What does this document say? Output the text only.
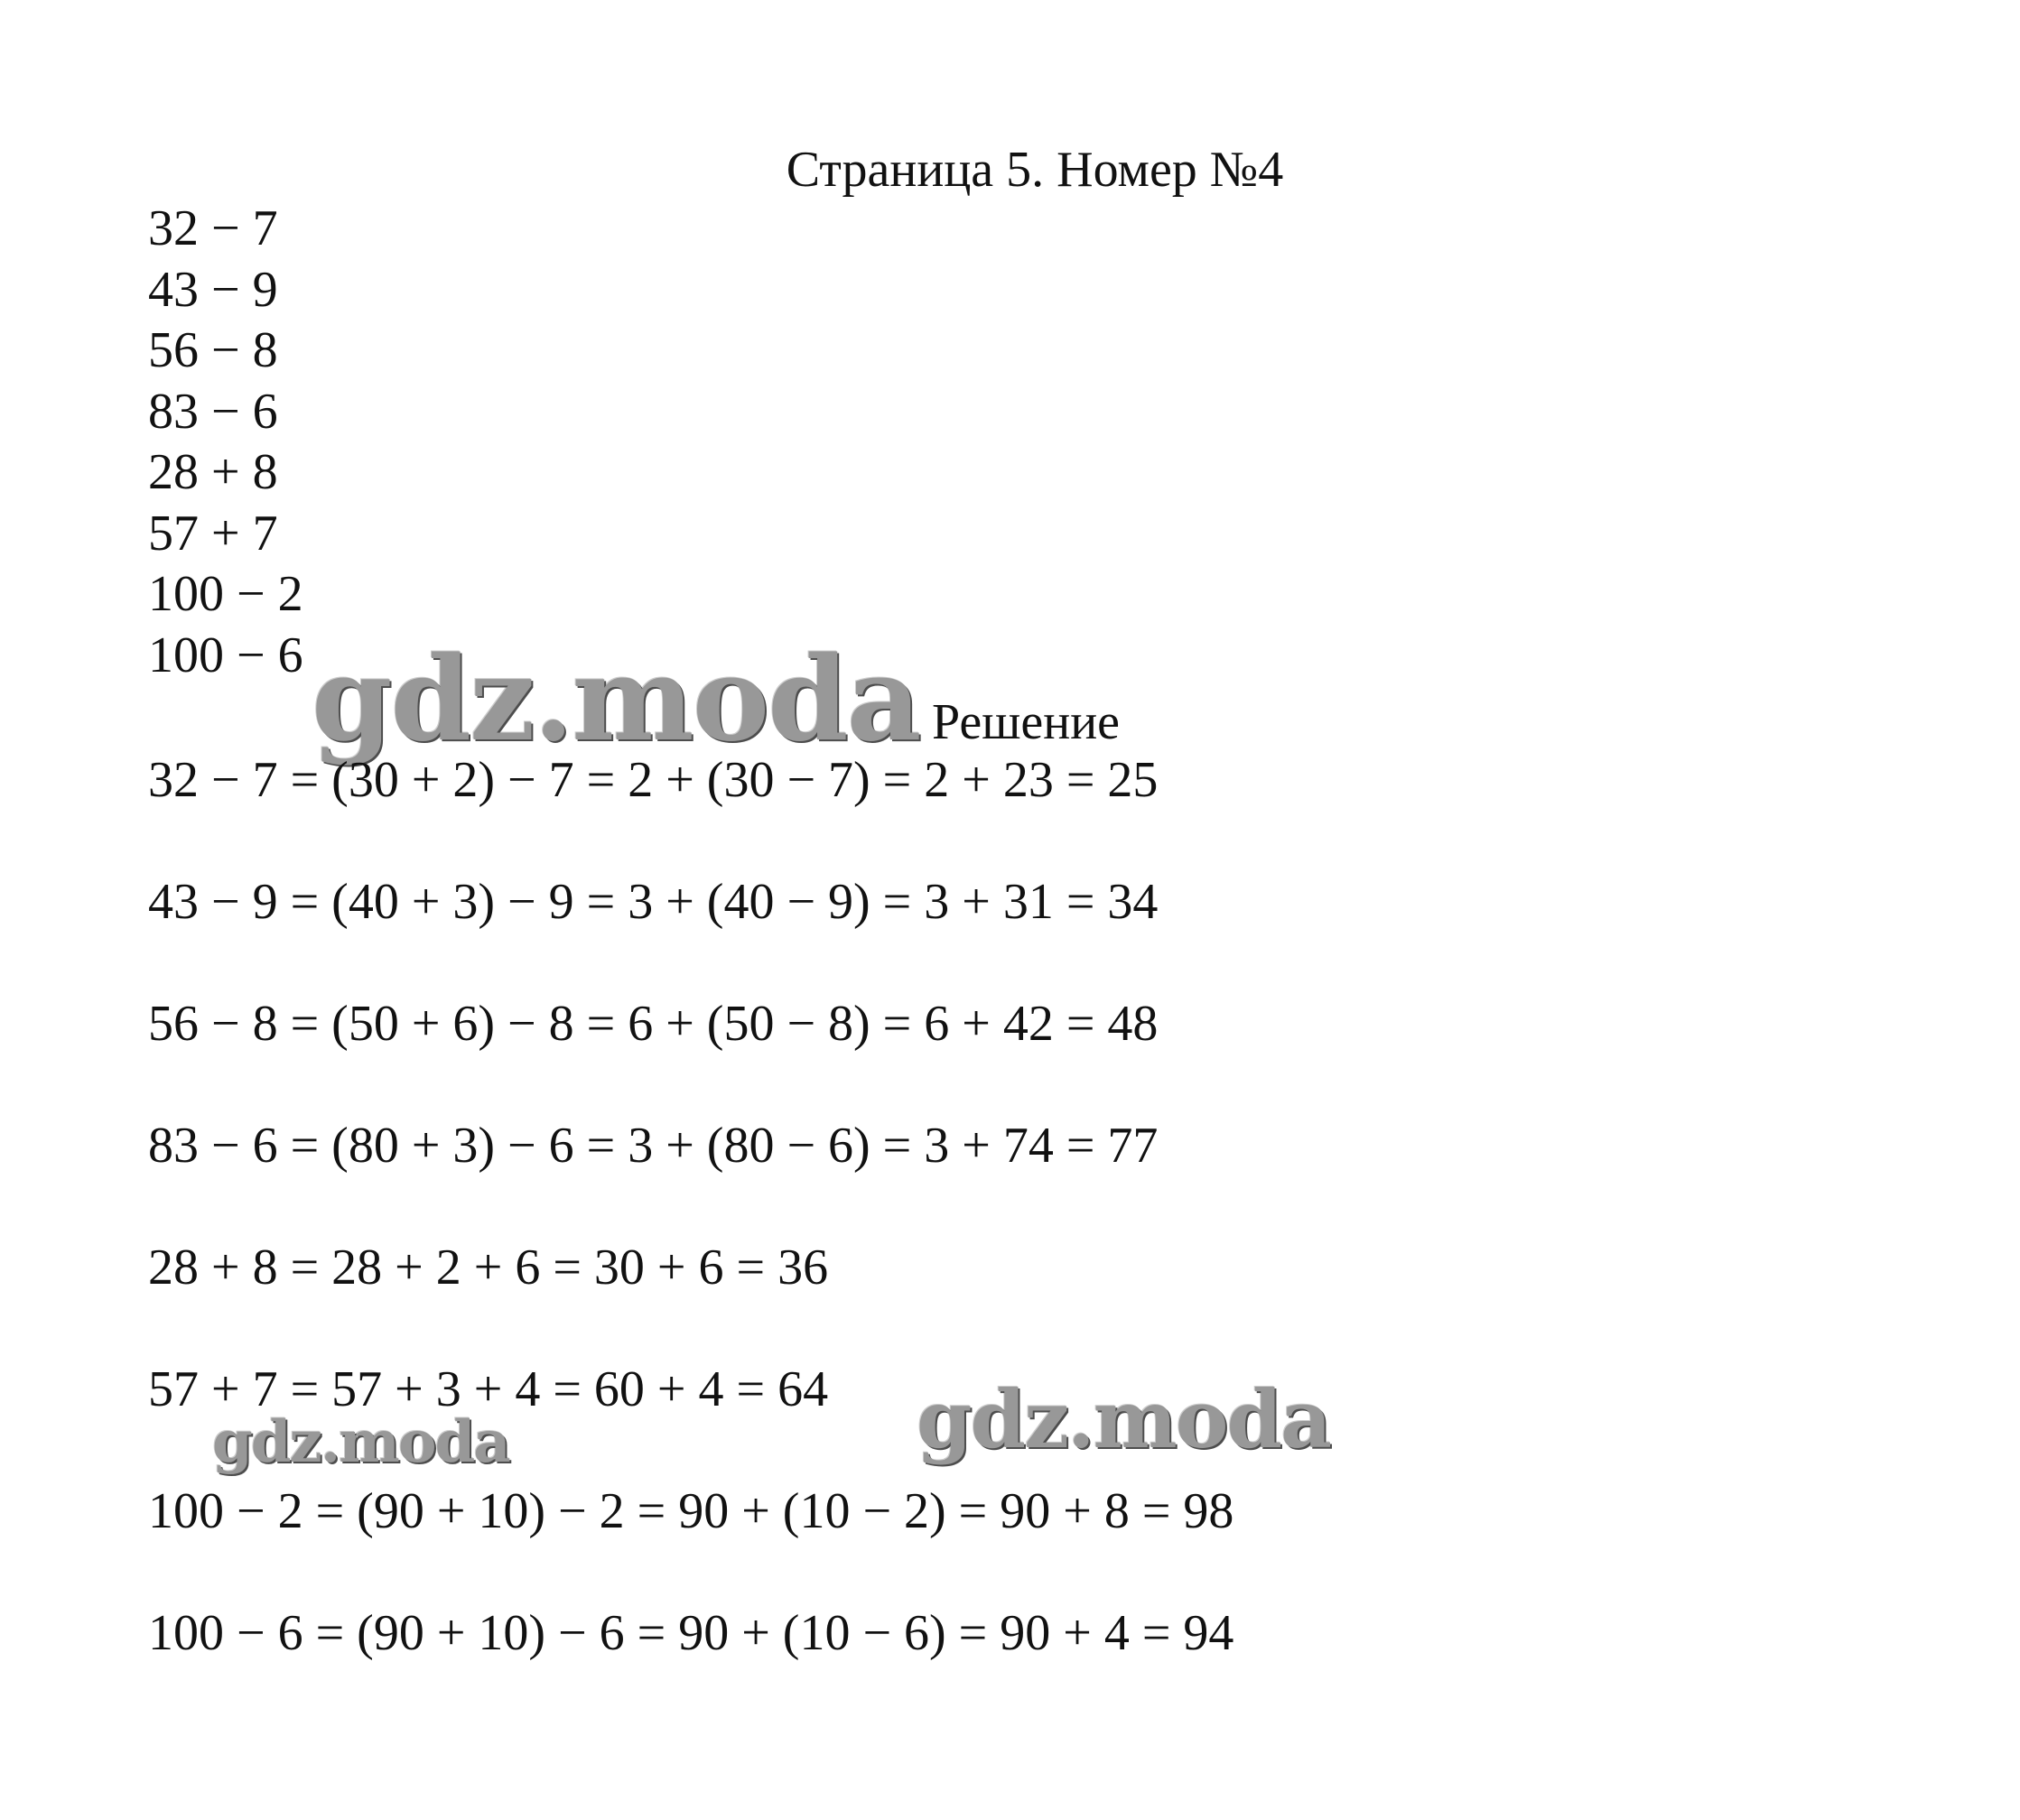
Страница 5. Номер №4
32 − 7
43 − 9
56 − 8
83 − 6
28 + 8
57 + 7
100 − 2
100 − 6 gdz.moda Решение
32 − 7 = (30 + 2) − 7 = 2 + (30 − 7) = 2 + 23 = 25
43 − 9 = (40 + 3) − 9 = 3 + (40 − 9) = 3 + 31 = 34
56 − 8 = (50 + 6) − 8 = 6 + (50 − 8) = 6 + 42 = 48
83 − 6 = (80 + 3) − 6 = 3 + (80 − 6) = 3 + 74 = 77
28 + 8 = 28 + 2 + 6 = 30 + 6 = 36
57 + 7 = 57 + 3 + 4 = 60 + 4 = 64
100 − 2 = (90 + 10) − 2 = 90 + (10 − 2) = 90 + 8 = 98
100 − 6 = (90 + 10) − 6 = 90 + (10 − 6) = 90 + 4 = 94
gdz.moda
gdz.moda
